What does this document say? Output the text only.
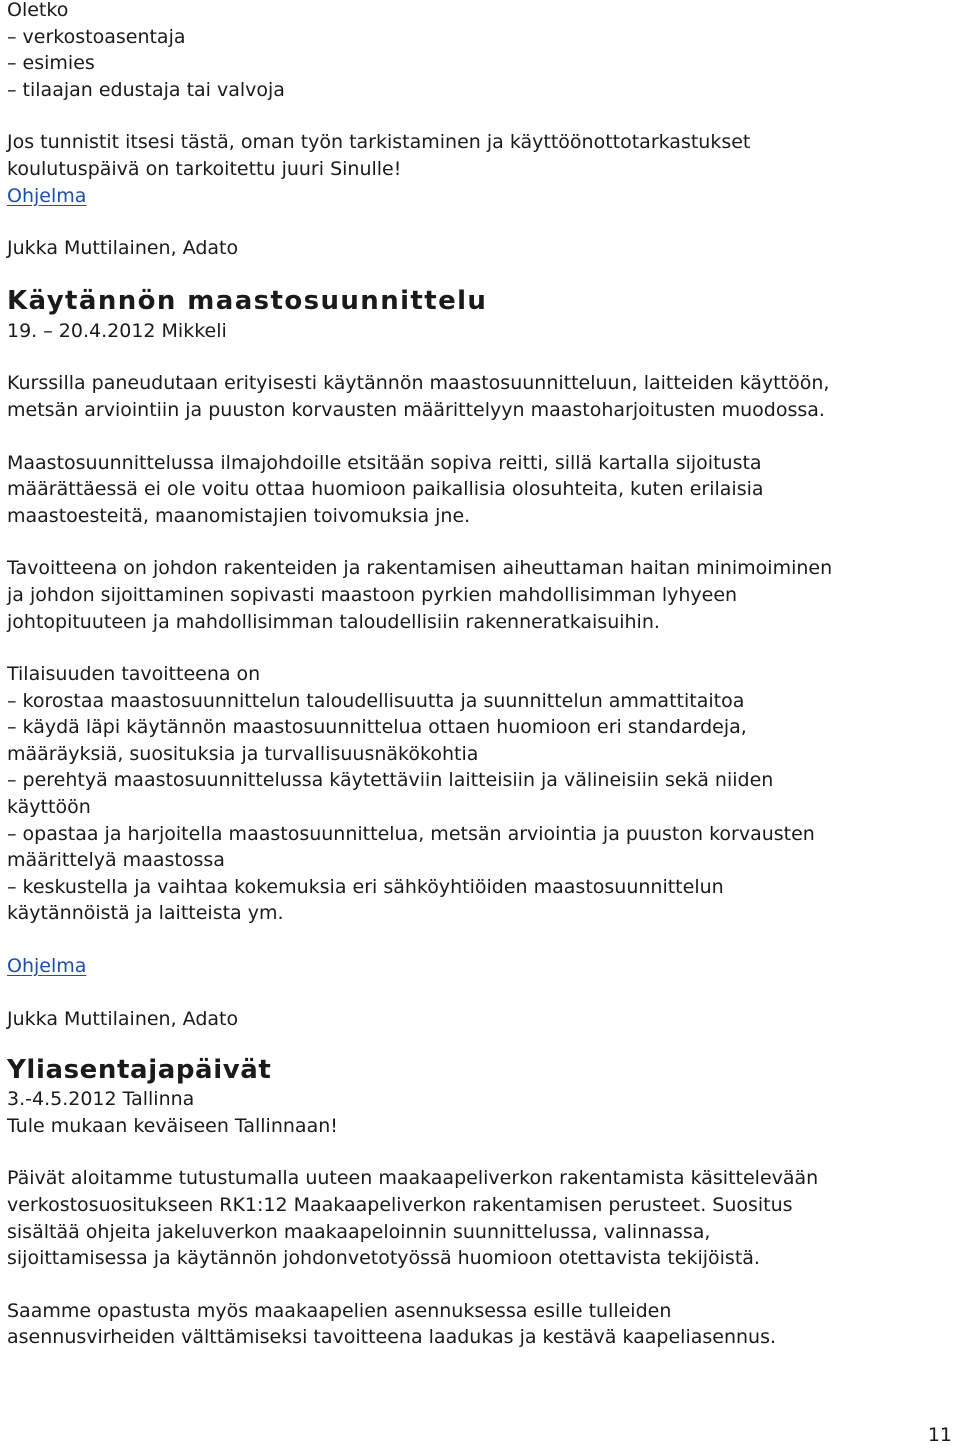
Oletko
– verkostoasentaja
– esimies
– tilaajan edustaja tai valvoja
Jos tunnistit itsesi tästä, oman työn tarkistaminen ja käyttöönottotarkastukset
koulutuspäivä on tarkoitettu juuri Sinulle!
Ohjelma
Jukka Muttilainen, Adato
Käytännön maastosuunnittelu
19. – 20.4.2012 Mikkeli
Kurssilla paneudutaan erityisesti käytännön maastosuunnitteluun, laitteiden käyttöön,
metsän arviointiin ja puuston korvausten määrittelyyn maastoharjoitusten muodossa.
Maastosuunnittelussa ilmajohdoille etsitään sopiva reitti, sillä kartalla sijoitusta
määrättäessä ei ole voitu ottaa huomioon paikallisia olosuhteita, kuten erilaisia
maastoesteitä, maanomistajien toivomuksia jne.
Tavoitteena on johdon rakenteiden ja rakentamisen aiheuttaman haitan minimoiminen
ja johdon sijoittaminen sopivasti maastoon pyrkien mahdollisimman lyhyeen
johtopituuteen ja mahdollisimman taloudellisiin rakenneratkaisuihin.
Tilaisuuden tavoitteena on
– korostaa maastosuunnittelun taloudellisuutta ja suunnittelun ammattitaitoa
– käydä läpi käytännön maastosuunnittelua ottaen huomioon eri standardeja,
määräyksiä, suosituksia ja turvallisuusnäkökohtia
– perehtyä maastosuunnittelussa käytettäviin laitteisiin ja välineisiin sekä niiden
käyttöön
– opastaa ja harjoitella maastosuunnittelua, metsän arviointia ja puuston korvausten
määrittelyä maastossa
– keskustella ja vaihtaa kokemuksia eri sähköyhtiöiden maastosuunnittelun
käytännöistä ja laitteista ym.
Ohjelma
Jukka Muttilainen, Adato
Yliasentajapäivät
3.-4.5.2012 Tallinna
Tule mukaan keväiseen Tallinnaan!
Päivät aloitamme tutustumalla uuteen maakaapeliverkon rakentamista käsittelevään
verkostosuositukseen RK1:12 Maakaapeliverkon rakentamisen perusteet. Suositus
sisältää ohjeita jakeluverkon maakaapeloinnin suunnittelussa, valinnassa,
sijoittamisessa ja käytännön johdonvetotyössä huomioon otettavista tekijöistä.
Saamme opastusta myös maakaapelien asennuksessa esille tulleiden
asennusvirheiden välttämiseksi tavoitteena laadukas ja kestävä kaapeliasennus.
11
